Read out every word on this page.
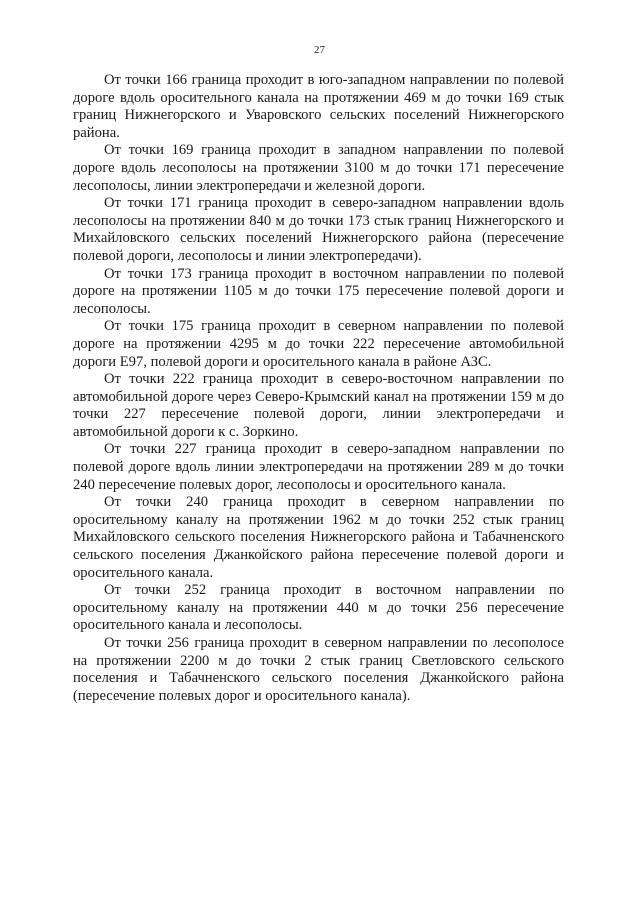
27

От точки 166 граница проходит в юго-западном направлении по полевой дороге вдоль оросительного канала на протяжении 469 м до точки 169 стык границ Нижнегорского и Уваровского сельских поселений Нижнегорского района.

От точки 169 граница проходит в западном направлении по полевой дороге вдоль лесополосы на протяжении 3100 м до точки 171 пересечение лесополосы, линии электропередачи и железной дороги.

От точки 171 граница проходит в северо-западном направлении вдоль лесополосы на протяжении 840 м до точки 173 стык границ Нижнегорского и Михайловского сельских поселений Нижнегорского района (пересечение полевой дороги, лесополосы и линии электропередачи).

От точки 173 граница проходит в восточном направлении по полевой дороге на протяжении 1105 м до точки 175 пересечение полевой дороги и лесополосы.

От точки 175 граница проходит в северном направлении по полевой дороге на протяжении 4295 м до точки 222 пересечение автомобильной дороги Е97, полевой дороги и оросительного канала в районе АЗС.

От точки 222 граница проходит в северо-восточном направлении по автомобильной дороге через Северо-Крымский канал на протяжении 159 м до точки 227 пересечение полевой дороги, линии электропередачи и автомобильной дороги к с. Зоркино.

От точки 227 граница проходит в северо-западном направлении по полевой дороге вдоль линии электропередачи на протяжении 289 м до точки 240 пересечение полевых дорог, лесополосы и оросительного канала.

От точки 240 граница проходит в северном направлении по оросительному каналу на протяжении 1962 м до точки 252 стык границ Михайловского сельского поселения Нижнегорского района и Табачненского сельского поселения Джанкойского района пересечение полевой дороги и оросительного канала.

От точки 252 граница проходит в восточном направлении по оросительному каналу на протяжении 440 м до точки 256 пересечение оросительного канала и лесополосы.

От точки 256 граница проходит в северном направлении по лесополосе на протяжении 2200 м до точки 2 стык границ Светловского сельского поселения и Табачненского сельского поселения Джанкойского района (пересечение полевых дорог и оросительного канала).
